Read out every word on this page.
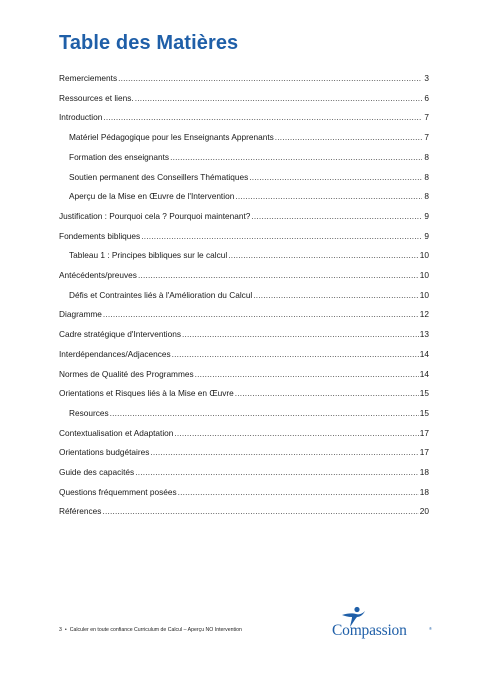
Table des Matières
Remerciements .....	3
Ressources et liens. .....	6
Introduction .....	7
Matériel Pédagogique pour les Enseignants Apprenants .....	7
Formation des enseignants .....	8
Soutien permanent des Conseillers Thématiques .....	8
Aperçu de la Mise en Œuvre de l'Intervention .....	8
Justification : Pourquoi cela ? Pourquoi maintenant? .....	9
Fondements bibliques .....	9
Tableau 1 : Principes bibliques sur le calcul .....	10
Antécédents/preuves .....	10
Défis et Contraintes liés à l'Amélioration du Calcul .....	10
Diagramme .....	12
Cadre stratégique d'Interventions .....	13
Interdépendances/Adjacences .....	14
Normes de Qualité des Programmes .....	14
Orientations et Risques liés à la Mise en Œuvre .....	15
Resources .....	15
Contextualisation et Adaptation .....	17
Orientations budgétaires .....	17
Guide des capacités .....	18
Questions fréquemment posées .....	18
Références .....	20
3 • Calculer en toute confiance Curriculum de Calcul – Aperçu NO Intervention	Compassion	®
